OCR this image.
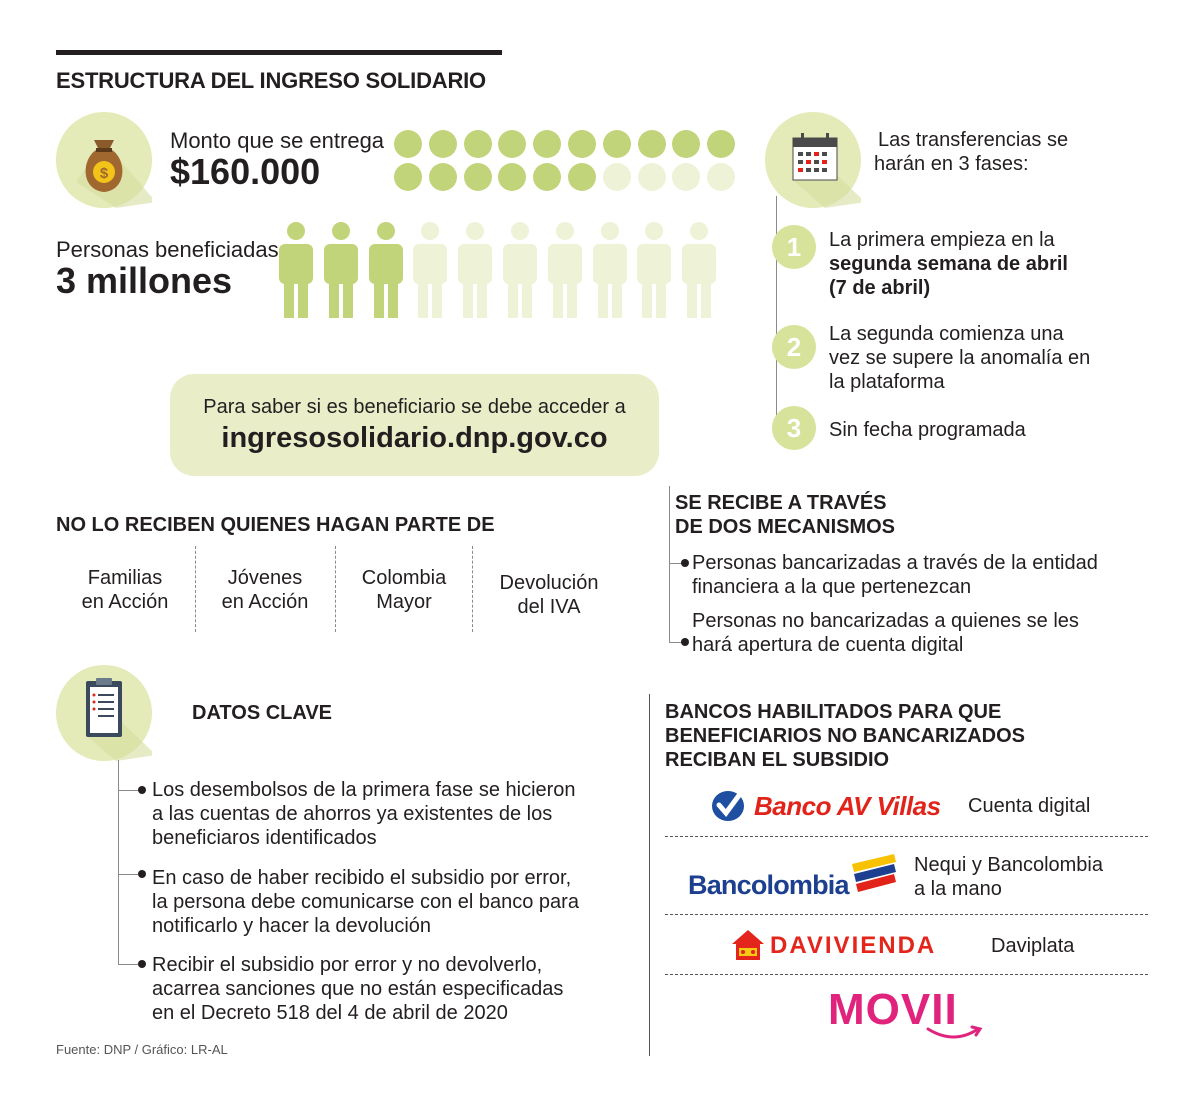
ESTRUCTURA DEL INGRESO SOLIDARIO
$
Monto que se entrega
$160.000
Personas beneficiadas
3 millones
Para saber si es beneficiario se debe acceder a
ingresosolidario.dnp.gov.co
Las transferencias se
harán en 3 fases:
1	La primera empieza en la
segunda semana de abril
(7 de abril)
2	La segunda comienza una
vez se supere la anomalía en
la plataforma
3	Sin fecha programada
NO LO RECIBEN QUIENES HAGAN PARTE DE
Familias
en Acción
Jóvenes
en Acción
Colombia
Mayor
Devolución
del IVA
SE RECIBE A TRAVÉS
DE DOS MECANISMOS
Personas bancarizadas a través de la entidad
financiera a la que pertenezcan
Personas no bancarizadas a quienes se les
hará apertura de cuenta digital
DATOS CLAVE
Los desembolsos de la primera fase se hicieron
a las cuentas de ahorros ya existentes de los
beneficiaros identificados
En caso de haber recibido el subsidio por error,
la persona debe comunicarse con el banco para
notificarlo y hacer la devolución
Recibir el subsidio por error y no devolverlo,
acarrea sanciones que no están especificadas
en el Decreto 518 del 4 de abril de 2020
Fuente: DNP / Gráfico: LR-AL
BANCOS HABILITADOS PARA QUE
BENEFICIARIOS NO BANCARIZADOS
RECIBAN EL SUBSIDIO
Banco AV Villas Cuenta digital
Bancolombia
Nequi y Bancolombia
a la mano
DAVIVIENDA	Daviplata
MOVII
